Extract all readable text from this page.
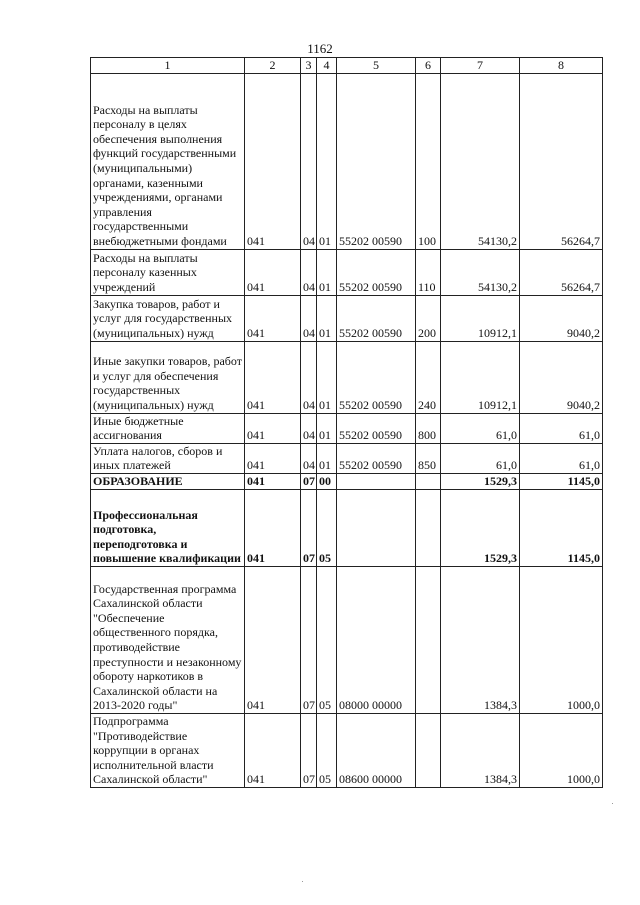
1162
1	2	3	4	5	6	7	8
Расходы на выплаты персоналу в целях обеспечения выполнения функций государственными (муниципальными) органами, казенными учреждениями, органами управления государственными внебюджетными фондами	041	04	01	55202 00590	100	54130,2	56264,7
Расходы на выплаты персоналу казенных учреждений	041	04	01	55202 00590	110	54130,2	56264,7
Закупка товаров, работ и услуг для государственных (муниципальных) нужд	041	04	01	55202 00590	200	10912,1	9040,2
Иные закупки товаров, работ и услуг для обеспечения государственных (муниципальных) нужд	041	04	01	55202 00590	240	10912,1	9040,2
Иные бюджетные ассигнования	041	04	01	55202 00590	800	61,0	61,0
Уплата налогов, сборов и иных платежей	041	04	01	55202 00590	850	61,0	61,0
ОБРАЗОВАНИЕ	041	07	00			1529,3	1145,0
Профессиональная подготовка, переподготовка и повышение квалификации	041	07	05			1529,3	1145,0
Государственная программа Сахалинской области "Обеспечение общественного порядка, противодействие преступности и незаконному обороту наркотиков в Сахалинской области на 2013-2020 годы"	041	07	05	08000 00000		1384,3	1000,0
Подпрограмма "Противодействие коррупции в органах исполнительной власти Сахалинской области"	041	07	05	08600 00000		1384,3	1000,0
